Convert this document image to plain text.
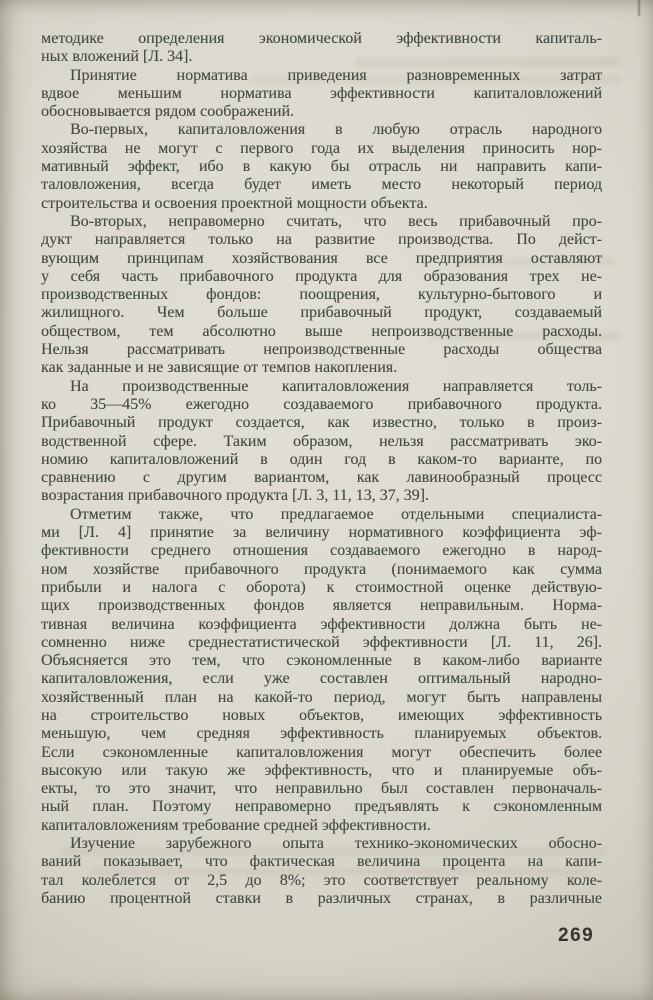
методике определения экономической эффективности капиталь-
ных вложений [Л. 34].
Принятие норматива приведения разновременных затрат
вдвое меньшим норматива эффективности капиталовложений
обосновывается рядом соображений.
Во-первых, капиталовложения в любую отрасль народного
хозяйства не могут с первого года их выделения приносить нор-
мативный эффект, ибо в какую бы отрасль ни направить капи-
таловложения, всегда будет иметь место некоторый период
строительства и освоения проектной мощности объекта.
Во-вторых, неправомерно считать, что весь прибавочный про-
дукт направляется только на развитие производства. По дейст-
вующим принципам хозяйствования все предприятия оставляют
у себя часть прибавочного продукта для образования трех не-
производственных фондов: поощрения, культурно-бытового и
жилищного. Чем больше прибавочный продукт, создаваемый
обществом, тем абсолютно выше непроизводственные расходы.
Нельзя рассматривать непроизводственные расходы общества
как заданные и не зависящие от темпов накопления.
На производственные капиталовложения направляется толь-
ко 35—45% ежегодно создаваемого прибавочного продукта.
Прибавочный продукт создается, как известно, только в произ-
водственной сфере. Таким образом, нельзя рассматривать эко-
номию капиталовложений в один год в каком-то варианте, по
сравнению с другим вариантом, как лавинообразный процесс
возрастания прибавочного продукта [Л. 3, 11, 13, 37, 39].
Отметим также, что предлагаемое отдельными специалиста-
ми [Л. 4] принятие за величину нормативного коэффициента эф-
фективности среднего отношения создаваемого ежегодно в народ-
ном хозяйстве прибавочного продукта (понимаемого как сумма
прибыли и налога с оборота) к стоимостной оценке действую-
щих производственных фондов является неправильным. Норма-
тивная величина коэффициента эффективности должна быть не-
сомненно ниже среднестатистической эффективности [Л. 11, 26].
Объясняется это тем, что сэкономленные в каком-либо варианте
капиталовложения, если уже составлен оптимальный народно-
хозяйственный план на какой-то период, могут быть направлены
на строительство новых объектов, имеющих эффективность
меньшую, чем средняя эффективность планируемых объектов.
Если сэкономленные капиталовложения могут обеспечить более
высокую или такую же эффективность, что и планируемые объ-
екты, то это значит, что неправильно был составлен первоначаль-
ный план. Поэтому неправомерно предъявлять к сэкономленным
капиталовложениям требование средней эффективности.
Изучение зарубежного опыта технико-экономических обосно-
ваний показывает, что фактическая величина процента на капи-
тал колеблется от 2,5 до 8%; это соответствует реальному коле-
банию процентной ставки в различных странах, в различные
269
